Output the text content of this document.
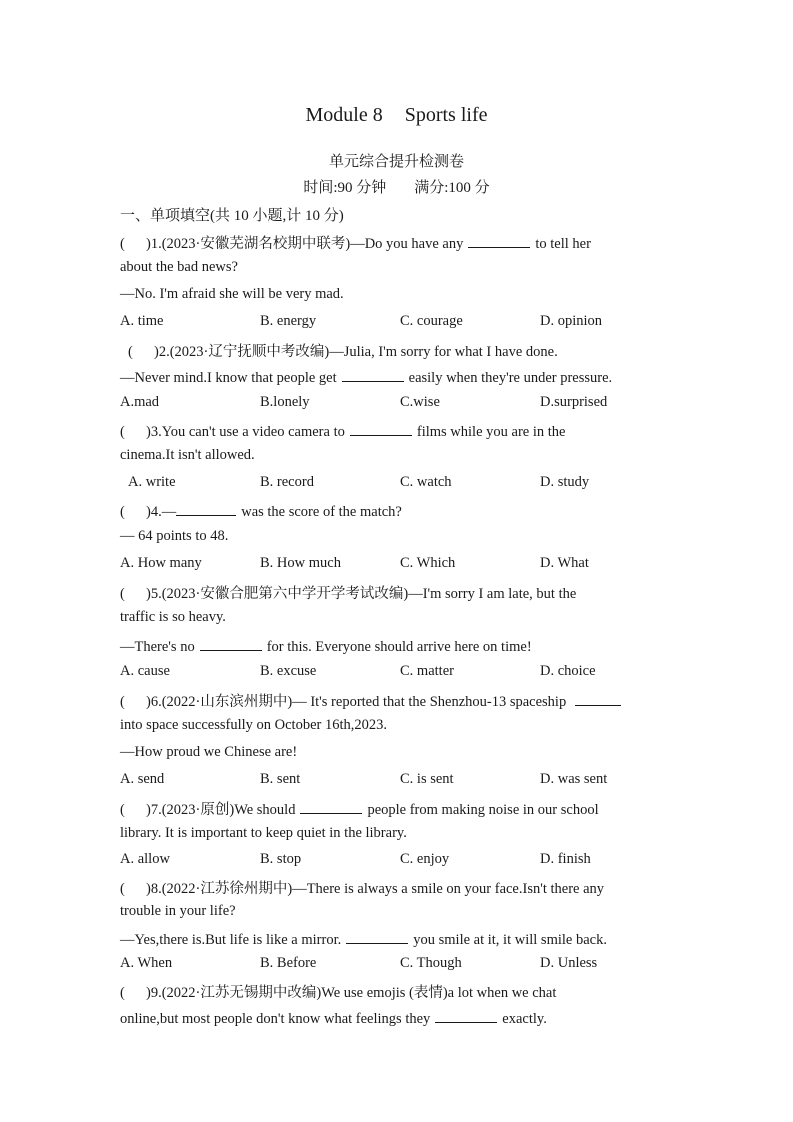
Module 8 Sports life
单元综合提升检测卷
时间:90 分钟 满分:100 分
一、单项填空(共 10 小题,计 10 分)
( )1.(2023·安徽芜湖名校期中联考)—Do you have any	to tell her
about the bad news?
—No. I'm afraid she will be very mad.
A. time	B. energy	C. courage	D. opinion
( )2.(2023·辽宁抚顺中考改编)—Julia, I'm sorry for what I have done.
—Never mind.I know that people get	easily when they're under pressure.
A.mad	B.lonely	C.wise	D.surprised
( )3.You can't use a video camera to	films while you are in the
cinema.It isn't allowed.
A. write	B. record	C. watch	D. study
( )4.—	was the score of the match?
— 64 points to 48.
A. How many	B. How much	C. Which	D. What
( )5.(2023·安徽合肥第六中学开学考试改编)—I'm sorry I am late, but the
traffic is so heavy.
—There's no	for this. Everyone should arrive here on time!
A. cause	B. excuse	C. matter	D. choice
( )6.(2022·山东滨州期中)— It's reported that the Shenzhou-13 spaceship
into space successfully on October 16th,2023.
—How proud we Chinese are!
A. send	B. sent	C. is sent	D. was sent
( )7.(2023·原创)We should	people from making noise in our school
library. It is important to keep quiet in the library.
A. allow	B. stop	C. enjoy	D. finish
( )8.(2022·江苏徐州期中)—There is always a smile on your face.Isn't there any
trouble in your life?
—Yes,there is.But life is like a mirror.	you smile at it, it will smile back.
A. When	B. Before	C. Though	D. Unless
( )9.(2022·江苏无锡期中改编)We use emojis (表情)a lot when we chat
online,but most people don't know what feelings they	exactly.
